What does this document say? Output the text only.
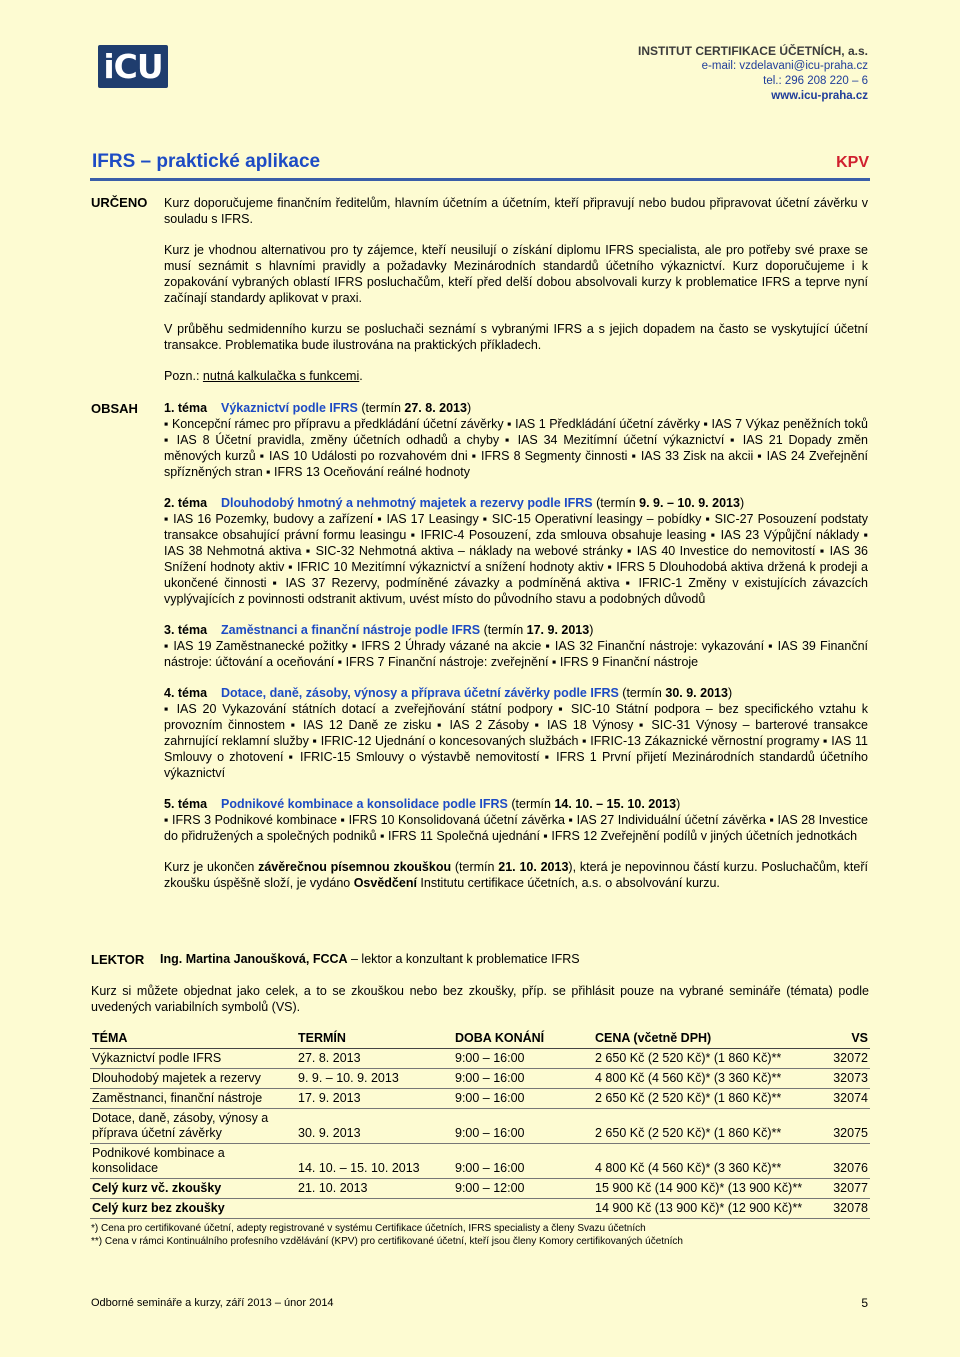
iCU	INSTITUT CERTIFIKACE ÚČETNÍCH, a.s.
e-mail: vzdelavani@icu-praha.cz
tel.: 296 208 220 – 6
www.icu-praha.cz
IFRS – praktické aplikace	KPV
URČENO Kurz doporučujeme finančním ředitelům, hlavním účetním a účetním, kteří připravují nebo budou připravovat účetní závěrku v souladu s IFRS.

Kurz je vhodnou alternativou pro ty zájemce, kteří neusilují o získání diplomu IFRS specialista, ale pro potřeby své praxe se musí seznámit s hlavními pravidly a požadavky Mezinárodních standardů účetního výkaznictví. Kurz doporučujeme i k zopakování vybraných oblastí IFRS posluchačům, kteří před delší dobou absolvovali kurzy k problematice IFRS a teprve nyní začínají standardy aplikovat v praxi.

V průběhu sedmidenního kurzu se posluchači seznámí s vybranými IFRS a s jejich dopadem na často se vyskytující účetní transakce. Problematika bude ilustrována na praktických příkladech.

Pozn.: nutná kalkulačka s funkcemi.

OBSAH 1. téma Výkaznictví podle IFRS (termín 27. 8. 2013)
▪ Koncepční rámec pro přípravu a předkládání účetní závěrky ▪ IAS 1 Předkládání účetní závěrky ▪ IAS 7 Výkaz peněžních toků ▪ IAS 8 Účetní pravidla, změny účetních odhadů a chyby ▪ IAS 34 Mezitímní účetní výkaznictví ▪ IAS 21 Dopady změn měnových kurzů ▪ IAS 10 Události po rozvahovém dni ▪ IFRS 8 Segmenty činnosti ▪ IAS 33 Zisk na akcii ▪ IAS 24 Zveřejnění spřízněných stran ▪ IFRS 13 Oceňování reálné hodnoty
2. téma Dlouhodobý hmotný a nehmotný majetek a rezervy podle IFRS (termín 9. 9. – 10. 9. 2013)
▪ IAS 16 Pozemky, budovy a zařízení ▪ IAS 17 Leasingy ▪ SIC-15 Operativní leasingy – pobídky ▪ SIC-27 Posouzení podstaty transakce obsahující právní formu leasingu ▪ IFRIC-4 Posouzení, zda smlouva obsahuje leasing ▪ IAS 23 Výpůjční náklady ▪ IAS 38 Nehmotná aktiva ▪ SIC-32 Nehmotná aktiva – náklady na webové stránky ▪ IAS 40 Investice do nemovitostí ▪ IAS 36 Snížení hodnoty aktiv ▪ IFRIC 10 Mezitímní výkaznictví a snížení hodnoty aktiv ▪ IFRS 5 Dlouhodobá aktiva držená k prodeji a ukončené činnosti ▪ IAS 37 Rezervy, podmíněné závazky a podmíněná aktiva ▪ IFRIC-1 Změny v existujících závazcích vyplývajících z povinnosti odstranit aktivum, uvést místo do původního stavu a podobných důvodů
3. téma Zaměstnanci a finanční nástroje podle IFRS (termín 17. 9. 2013)
▪ IAS 19 Zaměstnanecké požitky ▪ IFRS 2 Úhrady vázané na akcie ▪ IAS 32 Finanční nástroje: vykazování ▪ IAS 39 Finanční nástroje: účtování a oceňování ▪ IFRS 7 Finanční nástroje: zveřejnění ▪ IFRS 9 Finanční nástroje
4. téma Dotace, daně, zásoby, výnosy a příprava účetní závěrky podle IFRS (termín 30. 9. 2013)
▪ IAS 20 Vykazování státních dotací a zveřejňování státní podpory ▪ SIC-10 Státní podpora – bez specifického vztahu k provozním činnostem ▪ IAS 12 Daně ze zisku ▪ IAS 2 Zásoby ▪ IAS 18 Výnosy ▪ SIC-31 Výnosy – barterové transakce zahrnující reklamní služby ▪ IFRIC-12 Ujednání o koncesovaných službách ▪ IFRIC-13 Zákaznické věrnostní programy ▪ IAS 11 Smlouvy o zhotovení ▪ IFRIC-15 Smlouvy o výstavbě nemovitostí ▪ IFRS 1 První přijetí Mezinárodních standardů účetního výkaznictví
5. téma Podnikové kombinace a konsolidace podle IFRS (termín 14. 10. – 15. 10. 2013)
▪ IFRS 3 Podnikové kombinace ▪ IFRS 10 Konsolidovaná účetní závěrka ▪ IAS 27 Individuální účetní závěrka ▪ IAS 28 Investice do přidružených a společných podniků ▪ IFRS 11 Společná ujednání ▪ IFRS 12 Zveřejnění podílů v jiných účetních jednotkách
Kurz je ukončen závěrečnou písemnou zkouškou (termín 21. 10. 2013), která je nepovinnou částí kurzu. Posluchačům, kteří zkoušku úspěšně složí, je vydáno Osvědčení Institutu certifikace účetních, a.s. o absolvování kurzu.
LEKTOR Ing. Martina Janoušková, FCCA – lektor a konzultant k problematice IFRS
Kurz si můžete objednat jako celek, a to se zkouškou nebo bez zkoušky, příp. se přihlásit pouze na vybrané semináře (témata) podle uvedených variabilních symbolů (VS).
TÉMA	TERMÍN	DOBA KONÁNÍ	CENA (včetně DPH)	VS
Výkaznictví podle IFRS	27. 8. 2013	9:00 – 16:00	2 650 Kč (2 520 Kč)* (1 860 Kč)**	32072
Dlouhodobý majetek a rezervy	9. 9. – 10. 9. 2013	9:00 – 16:00	4 800 Kč (4 560 Kč)* (3 360 Kč)**	32073
Zaměstnanci, finanční nástroje	17. 9. 2013	9:00 – 16:00	2 650 Kč (2 520 Kč)* (1 860 Kč)**	32074
Dotace, daně, zásoby, výnosy a příprava účetní závěrky	30. 9. 2013	9:00 – 16:00	2 650 Kč (2 520 Kč)* (1 860 Kč)**	32075
Podnikové kombinace a konsolidace	14. 10. – 15. 10. 2013	9:00 – 16:00	4 800 Kč (4 560 Kč)* (3 360 Kč)**	32076
Celý kurz vč. zkoušky	21. 10. 2013	9:00 – 12:00	15 900 Kč (14 900 Kč)* (13 900 Kč)**	32077
Celý kurz bez zkoušky			14 900 Kč (13 900 Kč)* (12 900 Kč)**	32078
*) Cena pro certifikované účetní, adepty registrované v systému Certifikace účetních, IFRS specialisty a členy Svazu účetních
**) Cena v rámci Kontinuálního profesního vzdělávání (KPV) pro certifikované účetní, kteří jsou členy Komory certifikovaných účetních
Odborné semináře a kurzy, září 2013 – únor 2014	5
